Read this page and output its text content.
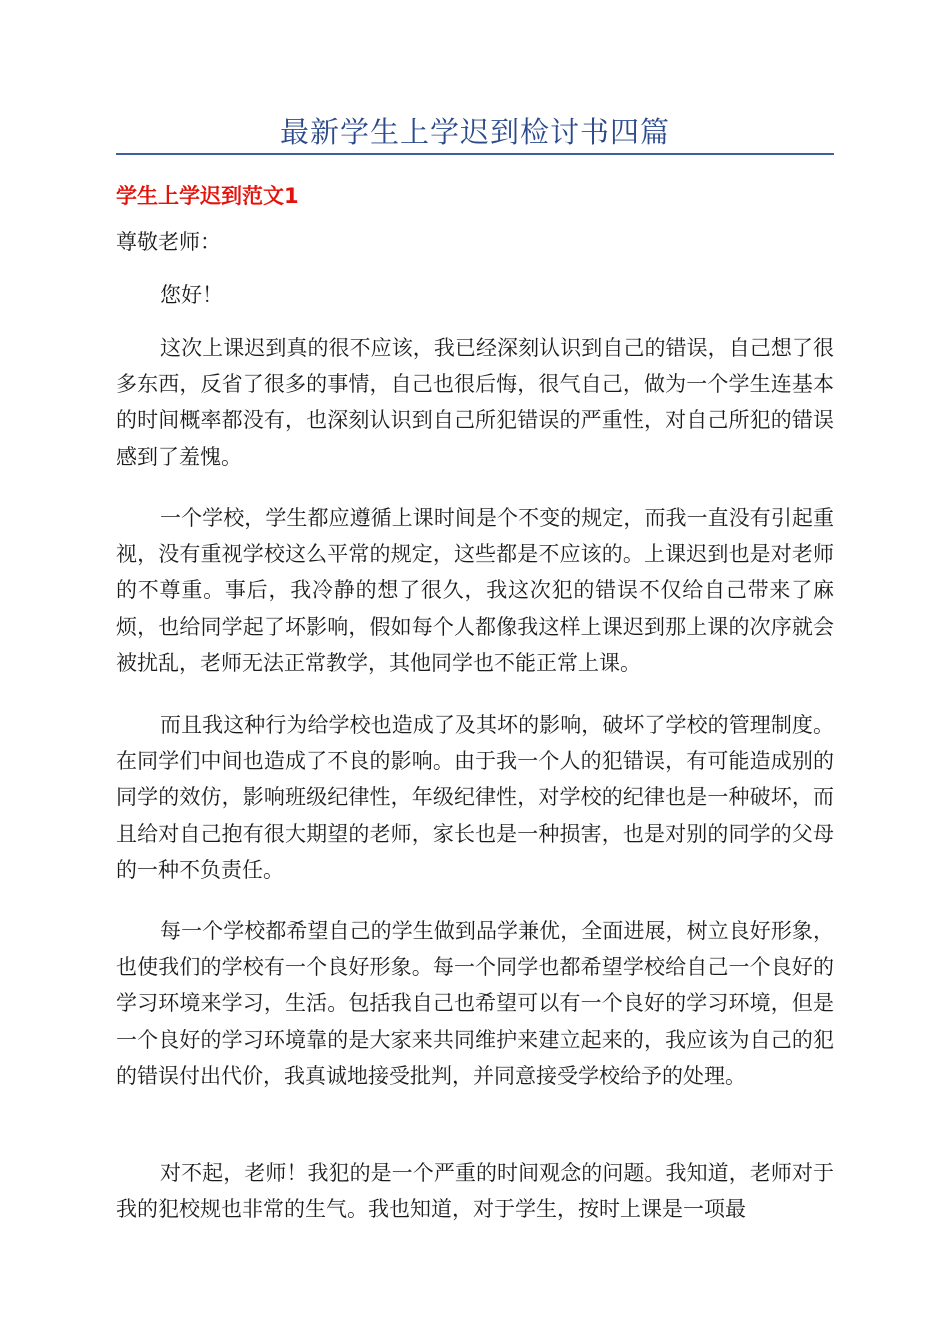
最新学生上学迟到检讨书四篇
学生上学迟到范文1
尊敬老师：

您好！

这次上课迟到真的很不应该，我已经深刻认识到自己的错误，自己想了很多东西，反省了很多的事情，自己也很后悔，很气自己，做为一个学生连基本的时间概率都没有，也深刻认识到自己所犯错误的严重性，对自己所犯的错误感到了羞愧。

一个学校，学生都应遵循上课时间是个不变的规定，而我一直没有引起重视，没有重视学校这么平常的规定，这些都是不应该的。上课迟到也是对老师的不尊重。事后，我冷静的想了很久，我这次犯的错误不仅给自己带来了麻烦，也给同学起了坏影响，假如每个人都像我这样上课迟到那上课的次序就会被扰乱，老师无法正常教学，其他同学也不能正常上课。

而且我这种行为给学校也造成了及其坏的影响，破坏了学校的管理制度。在同学们中间也造成了不良的影响。由于我一个人的犯错误，有可能造成别的同学的效仿，影响班级纪律性，年级纪律性，对学校的纪律也是一种破坏，而且给对自己抱有很大期望的老师，家长也是一种损害，也是对别的同学的父母的一种不负责任。

每一个学校都希望自己的学生做到品学兼优，全面进展，树立良好形象，也使我们的学校有一个良好形象。每一个同学也都希望学校给自己一个良好的学习环境来学习，生活。包括我自己也希望可以有一个良好的学习环境，但是一个良好的学习环境靠的是大家来共同维护来建立起来的，我应该为自己的犯的错误付出代价，我真诚地接受批判，并同意接受学校给予的处理。

对不起，老师！我犯的是一个严重的时间观念的问题。我知道，老师对于我的犯校规也非常的生气。我也知道，对于学生，按时上课是一项最
